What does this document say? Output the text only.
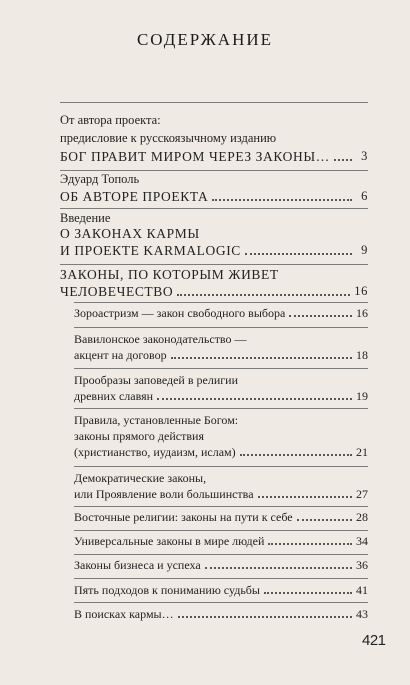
СОДЕРЖАНИЕ
От автора проекта:
предисловие к русскоязычному изданию
БОГ ПРАВИТ МИРОМ ЧЕРЕЗ ЗАКОНЫ…	3
Эдуард Тополь
ОБ АВТОРЕ ПРОЕКТА	6
Введение
О ЗАКОНАХ КАРМЫ
И ПРОЕКТЕ KARMALOGIC	9
ЗАКОНЫ, ПО КОТОРЫМ ЖИВЕТ
ЧЕЛОВЕЧЕСТВО	16
Зороастризм — закон свободного выбора	16
Вавилонское законодательство —
акцент на договор	18
Прообразы заповедей в религии
древних славян	19
Правила, установленные Богом:
законы прямого действия
(христианство, иудаизм, ислам)	21
Демократические законы,
или Проявление воли большинства	27
Восточные религии: законы на пути к себе	28
Универсальные законы в мире людей	34
Законы бизнеса и успеха	36
Пять подходов к пониманию судьбы	41
В поисках кармы…	43
421
